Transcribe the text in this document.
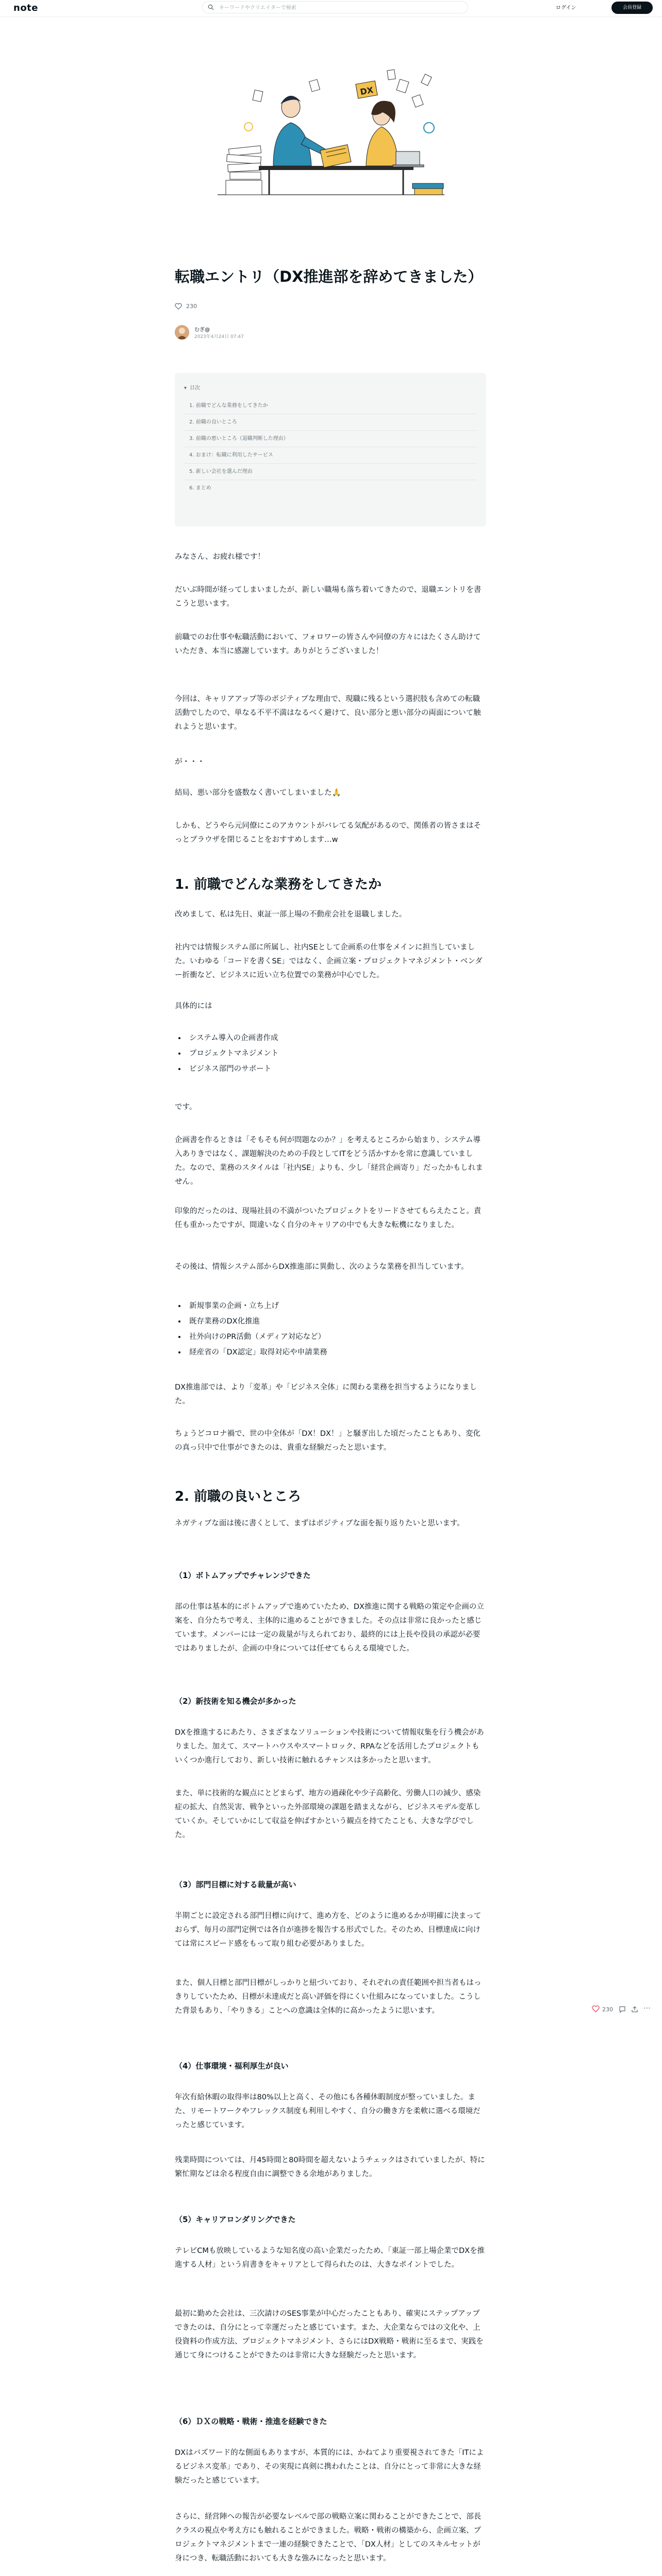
note
キーワードやクリエイターで検索	ログイン	会員登録
DX
転職エントリ（DX推進部を辞めてきました）
230
むぎ@
2023年4月24日 07:47
▾ 目次
1. 前職でどんな業務をしてきたか
2. 前職の良いところ
3. 前職の悪いところ（退職判断した理由）
4. おまけ：転職に利用したサービス
5. 新しい会社を選んだ理由
6. まとめ

みなさん、お疲れ様です！

だいぶ時間が経ってしまいましたが、新しい職場も落ち着いてきたので、退職エントリを書こうと思います。

前職でのお仕事や転職活動において、フォロワーの皆さんや同僚の方々にはたくさん助けていただき、本当に感謝しています。ありがとうございました！

今回は、キャリアアップ等のポジティブな理由で、現職に残るという選択肢も含めての転職活動でしたので、単なる不平不満はなるべく避けて、良い部分と悪い部分の両面について触れようと思います。

が・・・

結局、悪い部分を盛数なく書いてしまいました🙏

しかも、どうやら元同僚にこのアカウントがバレてる気配があるので、関係者の皆さまはそっとブラウザを閉じることをおすすめします…w

1. 前職でどんな業務をしてきたか

改めまして、私は先日、東証一部上場の不動産会社を退職しました。

社内では情報システム部に所属し、社内SEとして企画系の仕事をメインに担当していました。いわゆる「コードを書くSE」ではなく、企画立案・プロジェクトマネジメント・ベンダー折衝など、ビジネスに近い立ち位置での業務が中心でした。

具体的には

• システム導入の企画書作成
• プロジェクトマネジメント
• ビジネス部門のサポート

です。

企画書を作るときは「そもそも何が問題なのか？」を考えるところから始まり、システム導入ありきではなく、課題解決のための手段としてITをどう活かすかを常に意識していました。なので、業務のスタイルは「社内SE」よりも、少し「経営企画寄り」だったかもしれません。

印象的だったのは、现場社員の不満がついたプロジェクトをリードさせてもらえたこと。責任も重かったですが、間違いなく自分のキャリアの中でも大きな転機になりました。

その後は、情報システム部からDX推進部に異動し、次のような業務を担当しています。

• 新規事業の企画・立ち上げ
• 既存業務のDX化推進
• 社外向けのPR活動（メディア対応など）
• 経産省の「DX認定」取得対応や申請業務

DX推進部では、より「変革」や「ビジネス全体」に関わる業務を担当するようになりました。

ちょうどコロナ禍で、世の中全体が「DX！DX！」と騒ぎ出した頃だったこともあり、変化の真っ只中で仕事ができたのは、貴重な経験だったと思います。

2. 前職の良いところ

ネガティブな面は後に書くとして、まずはポジティブな面を振り返りたいと思います。

（1）ボトムアップでチャレンジできた

部の仕事は基本的にボトムアップで進めていたため、DX推進に関する戦略の策定や企画の立案を、自分たちで考え、主体的に進めることができました。その点は非常に良かったと感じています。メンバーには一定の裁量が与えられており、最終的には上長や役員の承認が必要ではありましたが、企画の中身については任せてもらえる環境でした。

（2）新技術を知る機会が多かった

DXを推進するにあたり、さまざまなソリューションや技術について情報収集を行う機会がありました。加えて、スマートハウスやスマートロック、RPAなどを活用したプロジェクトもいくつか進行しており、新しい技術に触れるチャンスは多かったと思います。

また、単に技術的な観点にとどまらず、地方の過疎化や少子高齢化、労働人口の減少、感染症の拡大、自然災害、戦争といった外部環境の課題を踏まえながら、ビジネスモデル変革していくか。そしていかにして収益を伸ばすかという観点を持てたことも、大きな学びでした。

（3）部門目標に対する裁量が高い

半期ごとに設定される部門目標に向けて、進め方を、どのように進めるかが明確に決まっておらず、毎月の部門定例では各自が進捗を報告する形式でした。そのため、目標達成に向けては常にスピード感をもって取り組む必要がありました。

また、個人目標と部門目標がしっかりと紐づいており、それぞれの責任範囲や担当者もはっきりしていたため、目標が未達成だと高い評価を得にくい仕組みになっていました。こうした背景もあり、「やりきる」ことへの意識は全体的に高かったように思います。

（4）仕事環境・福利厚生が良い

年次有給休暇の取得率は80%以上と高く、その他にも各種休暇制度が整っていました。また、リモートワークやフレックス制度も利用しやすく、自分の働き方を柔軟に選べる環境だったと感じています。

残業時間については、月45時間と80時間を超えないようチェックはされていましたが、特に繁忙期などは余る程度自由に調整できる余地がありました。

（5）キャリアロンダリングできた

テレビCMも放映しているような知名度の高い企業だったため、「東証一部上場企業でDXを推進する人材」という肩書きをキャリアとして得られたのは、大きなポイントでした。

最初に勤めた会社は、三次請けのSES事業が中心だったこともあり、確実にステップアップできたのは、自分にとって幸運だったと感じています。また、大企業ならではの文化や、上役資料の作成方法、プロジェクトマネジメント、さらにはDX戦略・戦術に至るまで、実践を通じて身につけることができたのは非常に大きな経験だったと思います。

（6）ＤＸの戦略・戦術・推進を経験できた

DXはバズワード的な側面もありますが、本質的には、かねてより重要視されてきた「ITによるビジネス変革」であり、その実現に真剣に携われたことは、自分にとって非常に大きな経験だったと感じています。

さらに、経営陣への報告が必要なレベルで部の戦略立案に関わることができたことで、部長クラスの視点や考え方にも触れることができました。戦略・戦術の構築から、企画立案、プロジェクトマネジメントまで一連の経験できたことで、「DX人材」としてのスキルセットが身につき、転職活動においても大きな強みになったと思います。

230	⋯
